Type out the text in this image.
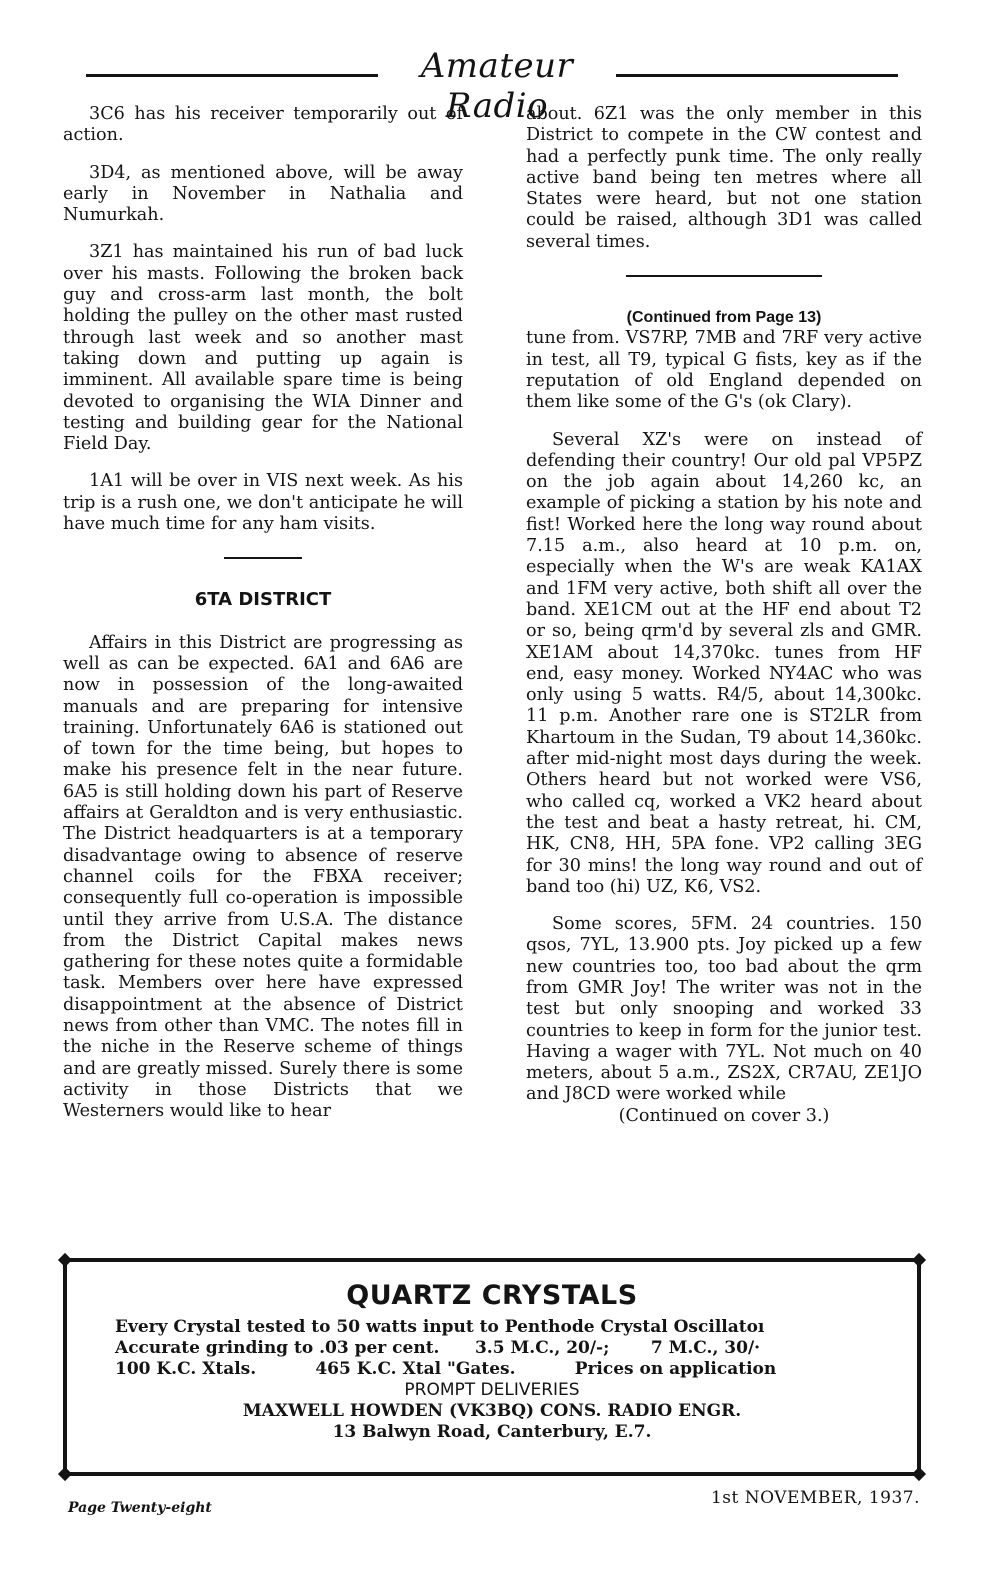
Amateur Radio

3C6 has his receiver temporarily out of action.

3D4, as mentioned above, will be away early in November in Nathalia and Numurkah.

3Z1 has maintained his run of bad luck over his masts. Following the broken back guy and cross-arm last month, the bolt holding the pulley on the other mast rusted through last week and so another mast taking down and putting up again is imminent. All available spare time is being devoted to organising the WIA Dinner and testing and building gear for the National Field Day.

1A1 will be over in VIS next week. As his trip is a rush one, we don't anticipate he will have much time for any ham visits.

6TA DISTRICT

Affairs in this District are progressing as well as can be expected. 6A1 and 6A6 are now in possession of the long-awaited manuals and are preparing for intensive training. Unfortunately 6A6 is stationed out of town for the time being, but hopes to make his presence felt in the near future. 6A5 is still holding down his part of Reserve affairs at Geraldton and is very enthusiastic. The District headquarters is at a temporary disadvantage owing to absence of reserve channel coils for the FBXA receiver; consequently full co-operation is impossible until they arrive from U.S.A. The distance from the District Capital makes news gathering for these notes quite a formidable task. Members over here have expressed disappointment at the absence of District news from other than VMC. The notes fill in the niche in the Reserve scheme of things and are greatly missed. Surely there is some activity in those Districts that we Westerners would like to hear

about. 6Z1 was the only member in this District to compete in the CW contest and had a perfectly punk time. The only really active band being ten metres where all States were heard, but not one station could be raised, although 3D1 was called several times.

(Continued from Page 13)

tune from. VS7RP, 7MB and 7RF very active in test, all T9, typical G fists, key as if the reputation of old England depended on them like some of the G's (ok Clary).

Several XZ's were on instead of defending their country! Our old pal VP5PZ on the job again about 14,260 kc, an example of picking a station by his note and fist! Worked here the long way round about 7.15 a.m., also heard at 10 p.m. on, especially when the W's are weak KA1AX and 1FM very active, both shift all over the band. XE1CM out at the HF end about T2 or so, being qrm'd by several zls and GMR. XE1AM about 14,370kc. tunes from HF end, easy money. Worked NY4AC who was only using 5 watts. R4/5, about 14,300kc. 11 p.m. Another rare one is ST2LR from Khartoum in the Sudan, T9 about 14,360kc. after mid-night most days during the week. Others heard but not worked were VS6, who called cq, worked a VK2 heard about the test and beat a hasty retreat, hi. CM, HK, CN8, HH, 5PA fone. VP2 calling 3EG for 30 mins! the long way round and out of band too (hi) UZ, K6, VS2.

Some scores, 5FM. 24 countries. 150 qsos, 7YL, 13.900 pts. Joy picked up a few new countries too, too bad about the qrm from GMR Joy! The writer was not in the test but only snooping and worked 33 countries to keep in form for the junior test. Having a wager with 7YL. Not much on 40 meters, about 5 a.m., ZS2X, CR7AU, ZE1JO and J8CD were worked while

(Continued on cover 3.)
QUARTZ CRYSTALS
Every Crystal tested to 50 watts input to Penthode Crystal Oscillatoı
Accurate grinding to .03 per cent.      3.5 M.C., 20/-;       7 M.C., 30/·
100 K.C. Xtals.          465 K.C. Xtal "Gates.          Prices on application
PROMPT DELIVERIES
MAXWELL HOWDEN (VK3BQ) CONS. RADIO ENGR.
13 Balwyn Road, Canterbury, E.7.
Page Twenty-eight	1st NOVEMBER, 1937.
